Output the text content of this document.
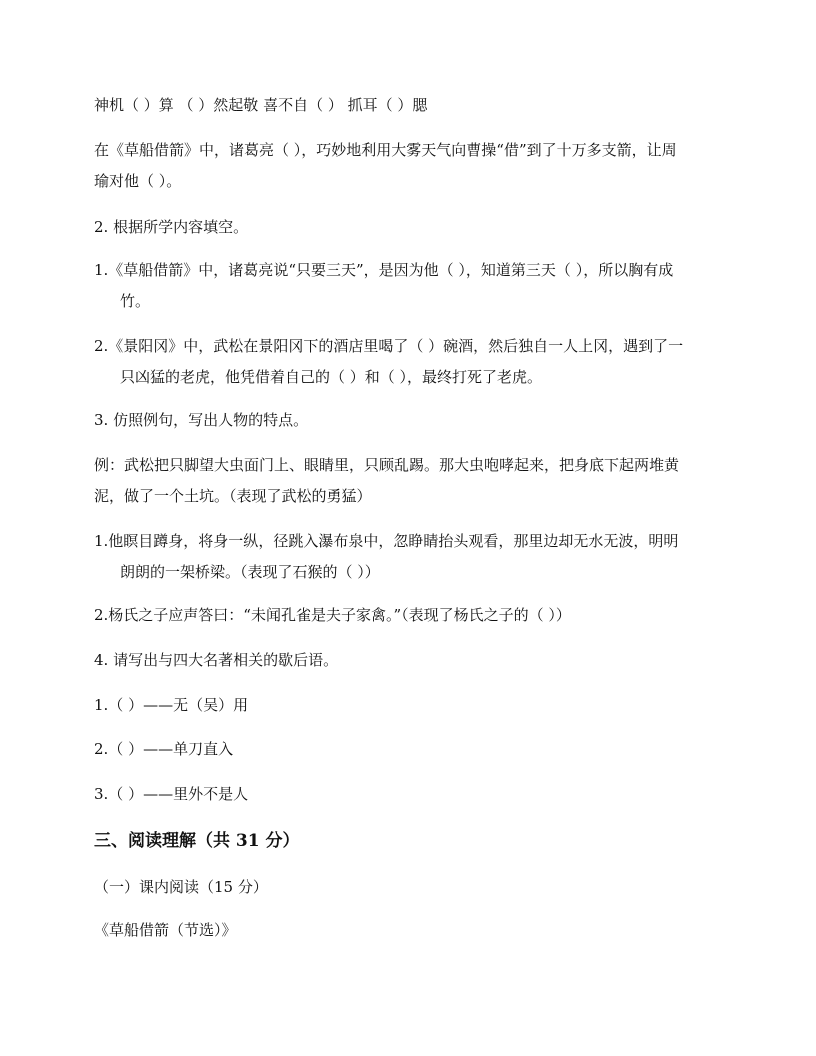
神机（ ）算 （ ）然起敬 喜不自（ ） 抓耳（ ）腮
在《草船借箭》中，诸葛亮（ ），巧妙地利用大雾天气向曹操“借”到了十万多支箭，让周
瑜对他（ ）。
2. 根据所学内容填空。
1.《草船借箭》中，诸葛亮说“只要三天”，是因为他（ ），知道第三天（ ），所以胸有成
竹。
2.《景阳冈》中，武松在景阳冈下的酒店里喝了（ ）碗酒，然后独自一人上冈，遇到了一
只凶猛的老虎，他凭借着自己的（ ）和（ ），最终打死了老虎。
3. 仿照例句，写出人物的特点。
例：武松把只脚望大虫面门上、眼睛里，只顾乱踢。那大虫咆哮起来，把身底下起两堆黄
泥，做了一个土坑。（表现了武松的勇猛）
1.他瞑目蹲身，将身一纵，径跳入瀑布泉中，忽睁睛抬头观看，那里边却无水无波，明明
朗朗的一架桥梁。（表现了石猴的（ ））
2.杨氏之子应声答曰：“未闻孔雀是夫子家禽。”（表现了杨氏之子的（ ））
4. 请写出与四大名著相关的歇后语。
1.（ ）——无（吴）用
2.（ ）——单刀直入
3.（ ）——里外不是人
三、阅读理解（共 31 分）
（一）课内阅读（15 分）
《草船借箭（节选）》
